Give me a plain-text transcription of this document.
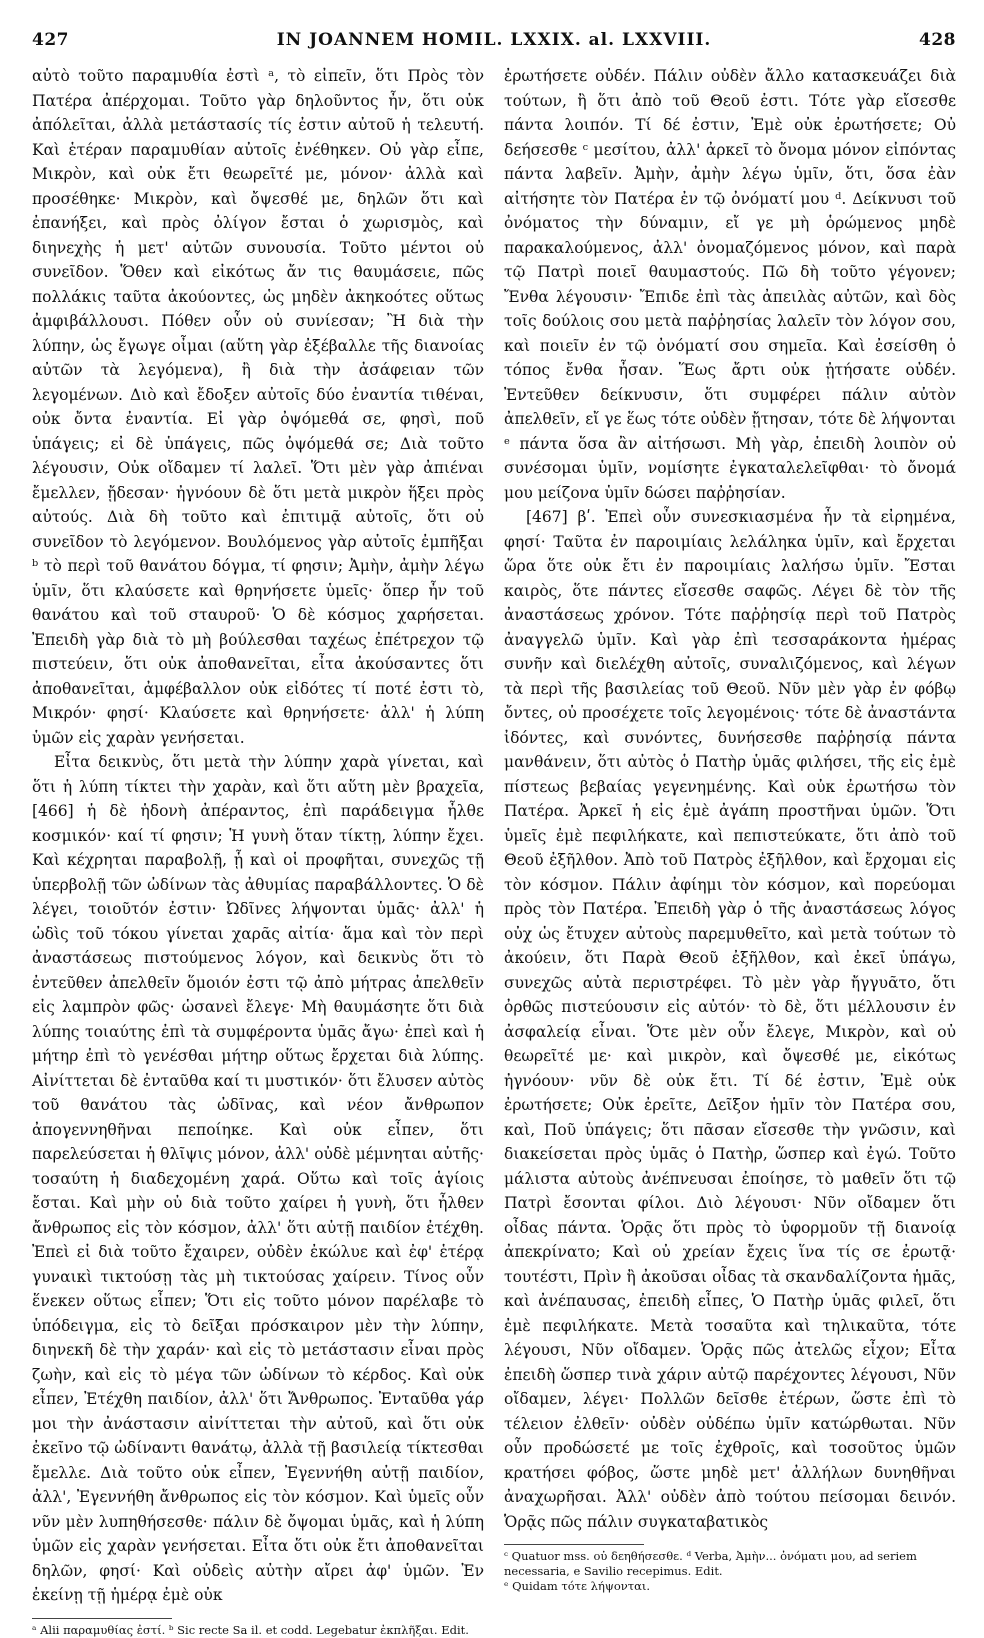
427	IN JOANNEM HOMIL. LXXIX. al. LXXVIII.	428

αὐτὸ τοῦτο παραμυθία ἐστὶ ᵃ, τὸ εἰπεῖν, ὅτι Πρὸς τὸν Πατέρα ἀπέρχομαι. Τοῦτο γὰρ δηλοῦντος ἦν, ὅτι οὐκ ἀπόλεῖται, ἀλλὰ μετάστασίς τίς ἐστιν αὐτοῦ ἡ τελευτή. Καὶ ἑτέραν παραμυθίαν αὐτοῖς ἐνέθηκεν. Οὐ γὰρ εἶπε, Μικρὸν, καὶ οὐκ ἔτι θεωρεῖτέ με, μόνον· ἀλλὰ καὶ προσέθηκε· Μικρὸν, καὶ ὄψεσθέ με, δηλῶν ὅτι καὶ ἐπανήξει, καὶ πρὸς ὀλίγον ἔσται ὁ χωρισμὸς, καὶ διηνεχὴς ἡ μετ' αὐτῶν συνουσία. Τοῦτο μέντοι οὐ συνεῖδον. Ὅθεν καὶ εἰκότως ἄν τις θαυμάσειε, πῶς πολλάκις ταῦτα ἀκούοντες, ὡς μηδὲν ἀκηκοότες οὕτως ἀμφιβάλλουσι. Πόθεν οὖν οὐ συνίεσαν; Ἢ διὰ τὴν λύπην, ὡς ἔγωγε οἶμαι (αὕτη γὰρ ἐξέβαλλε τῆς διανοίας αὐτῶν τὰ λεγόμενα), ἢ διὰ τὴν ἀσάφειαν τῶν λεγομένων. Διὸ καὶ ἔδοξεν αὐτοῖς δύο ἐναντία τιθέναι, οὐκ ὄντα ἐναντία. Εἰ γὰρ ὀψόμεθά σε, φησὶ, ποῦ ὑπάγεις; εἰ δὲ ὑπάγεις, πῶς ὀψόμεθά σε; Διὰ τοῦτο λέγουσιν, Οὐκ οἴδαμεν τί λαλεῖ. Ὅτι μὲν γὰρ ἀπιέναι ἔμελλεν, ᾔδεσαν· ἠγνόουν δὲ ὅτι μετὰ μικρὸν ἥξει πρὸς αὐτούς. Διὰ δὴ τοῦτο καὶ ἐπιτιμᾷ αὐτοῖς, ὅτι οὐ συνεῖδον τὸ λεγόμενον. Βουλόμενος γὰρ αὐτοῖς ἐμπῆξαι ᵇ τὸ περὶ τοῦ θανάτου δόγμα, τί φησιν; Ἀμὴν, ἀμὴν λέγω ὑμῖν, ὅτι κλαύσετε καὶ θρηνήσετε ὑμεῖς· ὅπερ ἦν τοῦ θανάτου καὶ τοῦ σταυροῦ· Ὁ δὲ κόσμος χαρήσεται. Ἐπειδὴ γὰρ διὰ τὸ μὴ βούλεσθαι ταχέως ἐπέτρεχον τῷ πιστεύειν, ὅτι οὐκ ἀποθανεῖται, εἶτα ἀκούσαντες ὅτι ἀποθανεῖται, ἀμφέβαλλον οὐκ εἰδότες τί ποτέ ἐστι τὸ, Μικρόν· φησί· Κλαύσετε καὶ θρηνήσετε· ἀλλ' ἡ λύπη ὑμῶν εἰς χαρὰν γενήσεται.

Εἶτα δεικνὺς, ὅτι μετὰ τὴν λύπην χαρὰ γίνεται, καὶ ὅτι ἡ λύπη τίκτει τὴν χαρὰν, καὶ ὅτι αὕτη μὲν βραχεῖα, [466] ἡ δὲ ἡδονὴ ἀπέραντος, ἐπὶ παράδειγμα ἦλθε κοσμικόν· καί τί φησιν; Ἡ γυνὴ ὅταν τίκτῃ, λύπην ἔχει. Καὶ κέχρηται παραβολῇ, ᾗ καὶ οἱ προφῆται, συνεχῶς τῇ ὑπερβολῇ τῶν ὠδίνων τὰς ἀθυμίας παραβάλλοντες. Ὁ δὲ λέγει, τοιοῦτόν ἐστιν· Ὠδῖνες λήψονται ὑμᾶς· ἀλλ' ἡ ὠδὶς τοῦ τόκου γίνεται χαρᾶς αἰτία· ἅμα καὶ τὸν περὶ ἀναστάσεως πιστούμενος λόγον, καὶ δεικνὺς ὅτι τὸ ἐντεῦθεν ἀπελθεῖν ὅμοιόν ἐστι τῷ ἀπὸ μήτρας ἀπελθεῖν εἰς λαμπρὸν φῶς· ὡσανεὶ ἔλεγε· Μὴ θαυμάσητε ὅτι διὰ λύπης τοιαύτης ἐπὶ τὰ συμφέροντα ὑμᾶς ἄγω· ἐπεὶ καὶ ἡ μήτηρ ἐπὶ τὸ γενέσθαι μήτηρ οὕτως ἔρχεται διὰ λύπης. Αἰνίττεται δὲ ἐνταῦθα καί τι μυστικόν· ὅτι ἔλυσεν αὐτὸς τοῦ θανάτου τὰς ὠδῖνας, καὶ νέον ἄνθρωπον ἀπογεννηθῆναι πεποίηκε. Καὶ οὐκ εἶπεν, ὅτι παρελεύσεται ἡ θλῖψις μόνον, ἀλλ' οὐδὲ μέμνηται αὐτῆς· τοσαύτη ἡ διαδεχομένη χαρά. Οὕτω καὶ τοῖς ἁγίοις ἔσται. Καὶ μὴν οὐ διὰ τοῦτο χαίρει ἡ γυνὴ, ὅτι ἦλθεν ἄνθρωπος εἰς τὸν κόσμον, ἀλλ' ὅτι αὐτῇ παιδίον ἐτέχθη. Ἐπεὶ εἰ διὰ τοῦτο ἔχαιρεν, οὐδὲν ἐκώλυε καὶ ἐφ' ἑτέρᾳ γυναικὶ τικτούσῃ τὰς μὴ τικτούσας χαίρειν. Τίνος οὖν ἕνεκεν οὕτως εἶπεν; Ὅτι εἰς τοῦτο μόνον παρέλαβε τὸ ὑπόδειγμα, εἰς τὸ δεῖξαι πρόσκαιρον μὲν τὴν λύπην, διηνεκῆ δὲ τὴν χαράν· καὶ εἰς τὸ μετάστασιν εἶναι πρὸς ζωὴν, καὶ εἰς τὸ μέγα τῶν ὠδίνων τὸ κέρδος. Καὶ οὐκ εἶπεν, Ἐτέχθη παιδίον, ἀλλ' ὅτι Ἄνθρωπος. Ἐνταῦθα γάρ μοι τὴν ἀνάστασιν αἰνίττεται τὴν αὐτοῦ, καὶ ὅτι οὐκ ἐκεῖνο τῷ ὠδίναντι θανάτῳ, ἀλλὰ τῇ βασιλείᾳ τίκτεσθαι ἔμελλε. Διὰ τοῦτο οὐκ εἶπεν, Ἐγεννήθη αὐτῇ παιδίον, ἀλλ', Ἐγεννήθη ἄνθρωπος εἰς τὸν κόσμον. Καὶ ὑμεῖς οὖν νῦν μὲν λυπηθήσεσθε· πάλιν δὲ ὄψομαι ὑμᾶς, καὶ ἡ λύπη ὑμῶν εἰς χαρὰν γενήσεται. Εἶτα ὅτι οὐκ ἔτι ἀποθανεῖται δηλῶν, φησί· Καὶ οὐδεὶς αὐτὴν αἴρει ἀφ' ὑμῶν. Ἐν ἐκείνῃ τῇ ἡμέρᾳ ἐμὲ οὐκ

ᵃ Alii παραμυθίας ἐστί. ᵇ Sic recte Sa il. et codd. Legebatur ἐκπλῆξαι. Edit.

ἐρωτήσετε οὐδέν. Πάλιν οὐδὲν ἄλλο κατασκευάζει διὰ τούτων, ἢ ὅτι ἀπὸ τοῦ Θεοῦ ἐστι. Τότε γὰρ εἴσεσθε πάντα λοιπόν. Τί δέ ἐστιν, Ἐμὲ οὐκ ἐρωτήσετε; Οὐ δεήσεσθε ᶜ μεσίτου, ἀλλ' ἀρκεῖ τὸ ὄνομα μόνον εἰπόντας πάντα λαβεῖν. Ἀμὴν, ἀμὴν λέγω ὑμῖν, ὅτι, ὅσα ἐὰν αἰτήσητε τὸν Πατέρα ἐν τῷ ὀνόματί μου ᵈ. Δείκνυσι τοῦ ὀνόματος τὴν δύναμιν, εἴ γε μὴ ὁρώμενος μηδὲ παρακαλούμενος, ἀλλ' ὀνομαζόμενος μόνον, καὶ παρὰ τῷ Πατρὶ ποιεῖ θαυμαστούς. Πῶ δὴ τοῦτο γέγονεν; Ἔνθα λέγουσιν· Ἔπιδε ἐπὶ τὰς ἀπειλὰς αὐτῶν, καὶ δὸς τοῖς δούλοις σου μετὰ παῤῥησίας λαλεῖν τὸν λόγον σου, καὶ ποιεῖν ἐν τῷ ὀνόματί σου σημεῖα. Καὶ ἐσείσθη ὁ τόπος ἔνθα ἦσαν. Ἕως ἄρτι οὐκ ᾐτήσατε οὐδέν. Ἐντεῦθεν δείκνυσιν, ὅτι συμφέρει πάλιν αὐτὸν ἀπελθεῖν, εἴ γε ἕως τότε οὐδὲν ᾔτησαν, τότε δὲ λήψονται ᵉ πάντα ὅσα ἂν αἰτήσωσι. Μὴ γὰρ, ἐπειδὴ λοιπὸν οὐ συνέσομαι ὑμῖν, νομίσητε ἐγκαταλελεῖφθαι· τὸ ὄνομά μου μείζονα ὑμῖν δώσει παῤῥησίαν.

[467] βʹ. Ἐπεὶ οὖν συνεσκιασμένα ἦν τὰ εἰρημένα, φησί· Ταῦτα ἐν παροιμίαις λελάληκα ὑμῖν, καὶ ἔρχεται ὥρα ὅτε οὐκ ἔτι ἐν παροιμίαις λαλήσω ὑμῖν. Ἔσται καιρὸς, ὅτε πάντες εἴσεσθε σαφῶς. Λέγει δὲ τὸν τῆς ἀναστάσεως χρόνον. Τότε παῤῥησίᾳ περὶ τοῦ Πατρὸς ἀναγγελῶ ὑμῖν. Καὶ γὰρ ἐπὶ τεσσαράκοντα ἡμέρας συνῆν καὶ διελέχθη αὐτοῖς, συναλιζόμενος, καὶ λέγων τὰ περὶ τῆς βασιλείας τοῦ Θεοῦ. Νῦν μὲν γὰρ ἐν φόβῳ ὄντες, οὐ προσέχετε τοῖς λεγομένοις· τότε δὲ ἀναστάντα ἰδόντες, καὶ συνόντες, δυνήσεσθε παῤῥησίᾳ πάντα μανθάνειν, ὅτι αὐτὸς ὁ Πατὴρ ὑμᾶς φιλήσει, τῆς εἰς ἐμὲ πίστεως βεβαίας γεγενημένης. Καὶ οὐκ ἐρωτήσω τὸν Πατέρα. Ἀρκεῖ ἡ εἰς ἐμὲ ἀγάπη προστῆναι ὑμῶν. Ὅτι ὑμεῖς ἐμὲ πεφιλήκατε, καὶ πεπιστεύκατε, ὅτι ἀπὸ τοῦ Θεοῦ ἐξῆλθον. Ἀπὸ τοῦ Πατρὸς ἐξῆλθον, καὶ ἔρχομαι εἰς τὸν κόσμον. Πάλιν ἀφίημι τὸν κόσμον, καὶ πορεύομαι πρὸς τὸν Πατέρα. Ἐπειδὴ γὰρ ὁ τῆς ἀναστάσεως λόγος οὐχ ὡς ἔτυχεν αὐτοὺς παρεμυθεῖτο, καὶ μετὰ τούτων τὸ ἀκούειν, ὅτι Παρὰ Θεοῦ ἐξῆλθον, καὶ ἐκεῖ ὑπάγω, συνεχῶς αὐτὰ περιστρέφει. Τὸ μὲν γὰρ ἤγγυᾶτο, ὅτι ὀρθῶς πιστεύουσιν εἰς αὐτόν· τὸ δὲ, ὅτι μέλλουσιν ἐν ἀσφαλείᾳ εἶναι. Ὅτε μὲν οὖν ἔλεγε, Μικρὸν, καὶ οὐ θεωρεῖτέ με· καὶ μικρὸν, καὶ ὄψεσθέ με, εἰκότως ἠγνόουν· νῦν δὲ οὐκ ἔτι. Τί δέ ἐστιν, Ἐμὲ οὐκ ἐρωτήσετε; Οὐκ ἐρεῖτε, Δεῖξον ἡμῖν τὸν Πατέρα σου, καὶ, Ποῦ ὑπάγεις; ὅτι πᾶσαν εἴσεσθε τὴν γνῶσιν, καὶ διακείσεται πρὸς ὑμᾶς ὁ Πατὴρ, ὥσπερ καὶ ἐγώ. Τοῦτο μάλιστα αὐτοὺς ἀνέπνευσαι ἐποίησε, τὸ μαθεῖν ὅτι τῷ Πατρὶ ἔσονται φίλοι. Διὸ λέγουσι· Νῦν οἴδαμεν ὅτι οἶδας πάντα. Ὁρᾷς ὅτι πρὸς τὸ ὑφορμοῦν τῇ διανοίᾳ ἀπεκρίνατο; Καὶ οὐ χρείαν ἔχεις ἵνα τίς σε ἐρωτᾷ· τουτέστι, Πρὶν ἢ ἀκοῦσαι οἶδας τὰ σκανδαλίζοντα ἡμᾶς, καὶ ἀνέπαυσας, ἐπειδὴ εἶπες, Ὁ Πατὴρ ὑμᾶς φιλεῖ, ὅτι ἐμὲ πεφιλήκατε. Μετὰ τοσαῦτα καὶ τηλικαῦτα, τότε λέγουσι, Νῦν οἴδαμεν. Ὁρᾷς πῶς ἀτελῶς εἶχον; Εἶτα ἐπειδὴ ὥσπερ τινὰ χάριν αὐτῷ παρέχοντες λέγουσι, Νῦν οἴδαμεν, λέγει· Πολλῶν δεῖσθε ἑτέρων, ὥστε ἐπὶ τὸ τέλειον ἐλθεῖν· οὐδὲν οὐδέπω ὑμῖν κατώρθωται. Νῦν οὖν προδώσετέ με τοῖς ἐχθροῖς, καὶ τοσοῦτος ὑμῶν κρατήσει φόβος, ὥστε μηδὲ μετ' ἀλλήλων δυνηθῆναι ἀναχωρῆσαι. Ἀλλ' οὐδὲν ἀπὸ τούτου πείσομαι δεινόν. Ὁρᾷς πῶς πάλιν συγκαταβατικὸς

ᶜ Quatuor mss. οὐ δεηθήσεσθε. ᵈ Verba, Ἀμὴν... ὀνόματι μου, ad seriem necessaria, e Savilio recepimus. Edit.

ᵉ Quidam τότε λήψονται.
